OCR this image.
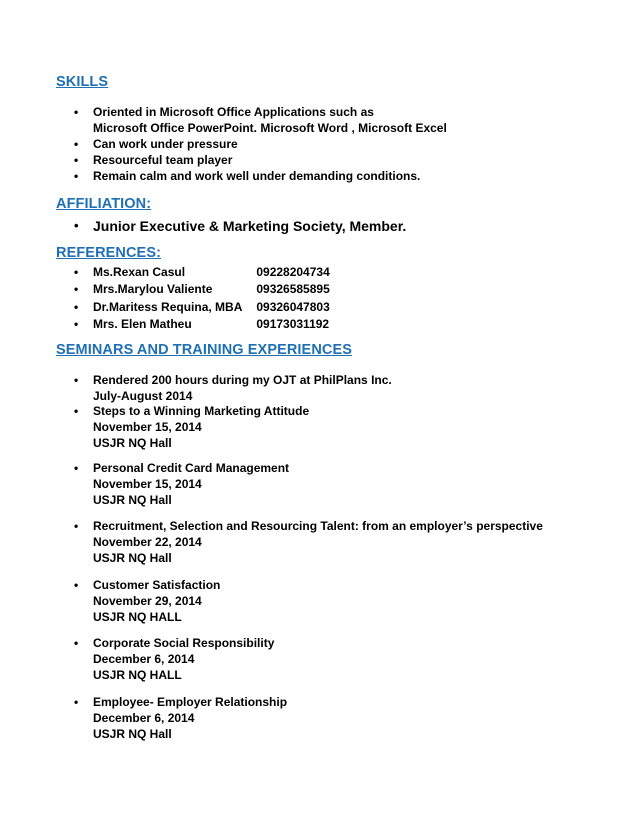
SKILLS
• Oriented in Microsoft Office Applications such as
Microsoft Office PowerPoint. Microsoft Word , Microsoft Excel
• Can work under pressure
• Resourceful team player
• Remain calm and work well under demanding conditions.
AFFILIATION:
• Junior Executive & Marketing Society, Member.
REFERENCES:
• Ms.Rexan Casul	09228204734
• Mrs.Marylou Valiente	09326585895
• Dr.Maritess Requina, MBA 09326047803
• Mrs. Elen Matheu	09173031192
SEMINARS AND TRAINING EXPERIENCES
• Rendered 200 hours during my OJT at PhilPlans Inc.
July-August 2014
• Steps to a Winning Marketing Attitude
November 15, 2014
USJR NQ Hall
• Personal Credit Card Management
November 15, 2014
USJR NQ Hall
• Recruitment, Selection and Resourcing Talent: from an employer’s perspective
November 22, 2014
USJR NQ Hall
• Customer Satisfaction
November 29, 2014
USJR NQ HALL
• Corporate Social Responsibility
December 6, 2014
USJR NQ HALL
• Employee- Employer Relationship
December 6, 2014
USJR NQ Hall
